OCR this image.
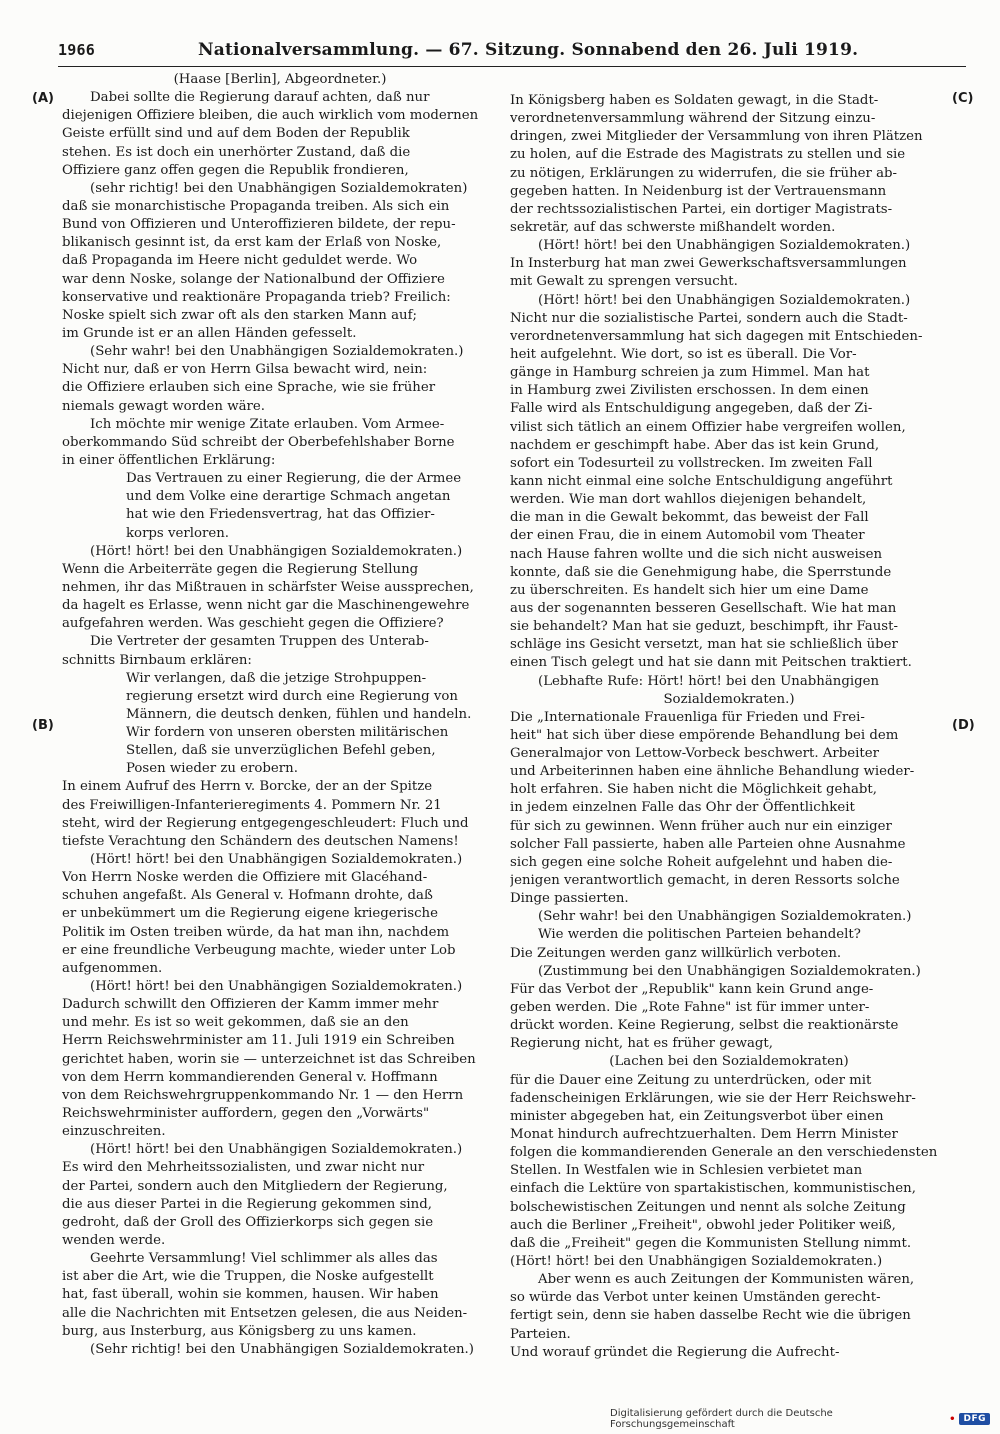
1966	Nationalversammlung. — 67. Sitzung. Sonnabend den 26. Juli 1919.
(A)
(B)
(C)
(D)
(Haase [Berlin], Abgeordneter.)
Dabei sollte die Regierung darauf achten, daß nur
diejenigen Offiziere bleiben, die auch wirklich vom modernen
Geiste erfüllt sind und auf dem Boden der Republik
stehen. Es ist doch ein unerhörter Zustand, daß die
Offiziere ganz offen gegen die Republik frondieren,
(sehr richtig! bei den Unabhängigen Sozialdemokraten)
daß sie monarchistische Propaganda treiben. Als sich ein
Bund von Offizieren und Unteroffizieren bildete, der repu-
blikanisch gesinnt ist, da erst kam der Erlaß von Noske,
daß Propaganda im Heere nicht geduldet werde. Wo
war denn Noske, solange der Nationalbund der Offiziere
konservative und reaktionäre Propaganda trieb? Freilich:
Noske spielt sich zwar oft als den starken Mann auf;
im Grunde ist er an allen Händen gefesselt.
(Sehr wahr! bei den Unabhängigen Sozialdemokraten.)
Nicht nur, daß er von Herrn Gilsa bewacht wird, nein:
die Offiziere erlauben sich eine Sprache, wie sie früher
niemals gewagt worden wäre.
Ich möchte mir wenige Zitate erlauben. Vom Armee-
oberkommando Süd schreibt der Oberbefehlshaber Borne
in einer öffentlichen Erklärung:
Das Vertrauen zu einer Regierung, die der Armee
und dem Volke eine derartige Schmach angetan
hat wie den Friedensvertrag, hat das Offizier-
korps verloren.
(Hört! hört! bei den Unabhängigen Sozialdemokraten.)
Wenn die Arbeiterräte gegen die Regierung Stellung
nehmen, ihr das Mißtrauen in schärfster Weise aussprechen,
da hagelt es Erlasse, wenn nicht gar die Maschinengewehre
aufgefahren werden. Was geschieht gegen die Offiziere?
Die Vertreter der gesamten Truppen des Unterab-
schnitts Birnbaum erklären:
Wir verlangen, daß die jetzige Strohpuppen-
regierung ersetzt wird durch eine Regierung von
Männern, die deutsch denken, fühlen und handeln.
Wir fordern von unseren obersten militärischen
Stellen, daß sie unverzüglichen Befehl geben,
Posen wieder zu erobern.
In einem Aufruf des Herrn v. Borcke, der an der Spitze
des Freiwilligen-Infanterieregiments 4. Pommern Nr. 21
steht, wird der Regierung entgegengeschleudert: Fluch und
tiefste Verachtung den Schändern des deutschen Namens!
(Hört! hört! bei den Unabhängigen Sozialdemokraten.)
Von Herrn Noske werden die Offiziere mit Glacéhand-
schuhen angefaßt. Als General v. Hofmann drohte, daß
er unbekümmert um die Regierung eigene kriegerische
Politik im Osten treiben würde, da hat man ihn, nachdem
er eine freundliche Verbeugung machte, wieder unter Lob
aufgenommen.
(Hört! hört! bei den Unabhängigen Sozialdemokraten.)
Dadurch schwillt den Offizieren der Kamm immer mehr
und mehr. Es ist so weit gekommen, daß sie an den
Herrn Reichswehrminister am 11. Juli 1919 ein Schreiben
gerichtet haben, worin sie — unterzeichnet ist das Schreiben
von dem Herrn kommandierenden General v. Hoffmann
von dem Reichswehrgruppenkommando Nr. 1 — den Herrn
Reichswehrminister auffordern, gegen den „Vorwärts"
einzuschreiten.
(Hört! hört! bei den Unabhängigen Sozialdemokraten.)
Es wird den Mehrheitssozialisten, und zwar nicht nur
der Partei, sondern auch den Mitgliedern der Regierung,
die aus dieser Partei in die Regierung gekommen sind,
gedroht, daß der Groll des Offizierkorps sich gegen sie
wenden werde.
Geehrte Versammlung! Viel schlimmer als alles das
ist aber die Art, wie die Truppen, die Noske aufgestellt
hat, fast überall, wohin sie kommen, hausen. Wir haben
alle die Nachrichten mit Entsetzen gelesen, die aus Neiden-
burg, aus Insterburg, aus Königsberg zu uns kamen.
(Sehr richtig! bei den Unabhängigen Sozialdemokraten.)
In Königsberg haben es Soldaten gewagt, in die Stadt-
verordnetenversammlung während der Sitzung einzu-
dringen, zwei Mitglieder der Versammlung von ihren Plätzen
zu holen, auf die Estrade des Magistrats zu stellen und sie
zu nötigen, Erklärungen zu widerrufen, die sie früher ab-
gegeben hatten. In Neidenburg ist der Vertrauensmann
der rechtssozialistischen Partei, ein dortiger Magistrats-
sekretär, auf das schwerste mißhandelt worden.
(Hört! hört! bei den Unabhängigen Sozialdemokraten.)
In Insterburg hat man zwei Gewerkschaftsversammlungen
mit Gewalt zu sprengen versucht.
(Hört! hört! bei den Unabhängigen Sozialdemokraten.)
Nicht nur die sozialistische Partei, sondern auch die Stadt-
verordnetenversammlung hat sich dagegen mit Entschieden-
heit aufgelehnt. Wie dort, so ist es überall. Die Vor-
gänge in Hamburg schreien ja zum Himmel. Man hat
in Hamburg zwei Zivilisten erschossen. In dem einen
Falle wird als Entschuldigung angegeben, daß der Zi-
vilist sich tätlich an einem Offizier habe vergreifen wollen,
nachdem er geschimpft habe. Aber das ist kein Grund,
sofort ein Todesurteil zu vollstrecken. Im zweiten Fall
kann nicht einmal eine solche Entschuldigung angeführt
werden. Wie man dort wahllos diejenigen behandelt,
die man in die Gewalt bekommt, das beweist der Fall
der einen Frau, die in einem Automobil vom Theater
nach Hause fahren wollte und die sich nicht ausweisen
konnte, daß sie die Genehmigung habe, die Sperrstunde
zu überschreiten. Es handelt sich hier um eine Dame
aus der sogenannten besseren Gesellschaft. Wie hat man
sie behandelt? Man hat sie geduzt, beschimpft, ihr Faust-
schläge ins Gesicht versetzt, man hat sie schließlich über
einen Tisch gelegt und hat sie dann mit Peitschen traktiert.
(Lebhafte Rufe: Hört! hört! bei den Unabhängigen
Sozialdemokraten.)
Die „Internationale Frauenliga für Frieden und Frei-
heit" hat sich über diese empörende Behandlung bei dem
Generalmajor von Lettow-Vorbeck beschwert. Arbeiter
und Arbeiterinnen haben eine ähnliche Behandlung wieder-
holt erfahren. Sie haben nicht die Möglichkeit gehabt,
in jedem einzelnen Falle das Ohr der Öffentlichkeit
für sich zu gewinnen. Wenn früher auch nur ein einziger
solcher Fall passierte, haben alle Parteien ohne Ausnahme
sich gegen eine solche Roheit aufgelehnt und haben die-
jenigen verantwortlich gemacht, in deren Ressorts solche
Dinge passierten.
(Sehr wahr! bei den Unabhängigen Sozialdemokraten.)
Wie werden die politischen Parteien behandelt?
Die Zeitungen werden ganz willkürlich verboten.
(Zustimmung bei den Unabhängigen Sozialdemokraten.)
Für das Verbot der „Republik" kann kein Grund ange-
geben werden. Die „Rote Fahne" ist für immer unter-
drückt worden. Keine Regierung, selbst die reaktionärste
Regierung nicht, hat es früher gewagt,
(Lachen bei den Sozialdemokraten)
für die Dauer eine Zeitung zu unterdrücken, oder mit
fadenscheinigen Erklärungen, wie sie der Herr Reichswehr-
minister abgegeben hat, ein Zeitungsverbot über einen
Monat hindurch aufrechtzuerhalten. Dem Herrn Minister
folgen die kommandierenden Generale an den verschiedensten
Stellen. In Westfalen wie in Schlesien verbietet man
einfach die Lektüre von spartakistischen, kommunistischen,
bolschewistischen Zeitungen und nennt als solche Zeitung
auch die Berliner „Freiheit", obwohl jeder Politiker weiß,
daß die „Freiheit" gegen die Kommunisten Stellung nimmt.
(Hört! hört! bei den Unabhängigen Sozialdemokraten.)
Aber wenn es auch Zeitungen der Kommunisten wären,
so würde das Verbot unter keinen Umständen gerecht-
fertigt sein, denn sie haben dasselbe Recht wie die übrigen
Parteien.
Und worauf gründet die Regierung die Aufrecht-
Digitalisierung gefördert durch die Deutsche Forschungsgemeinschaft	• DFG
